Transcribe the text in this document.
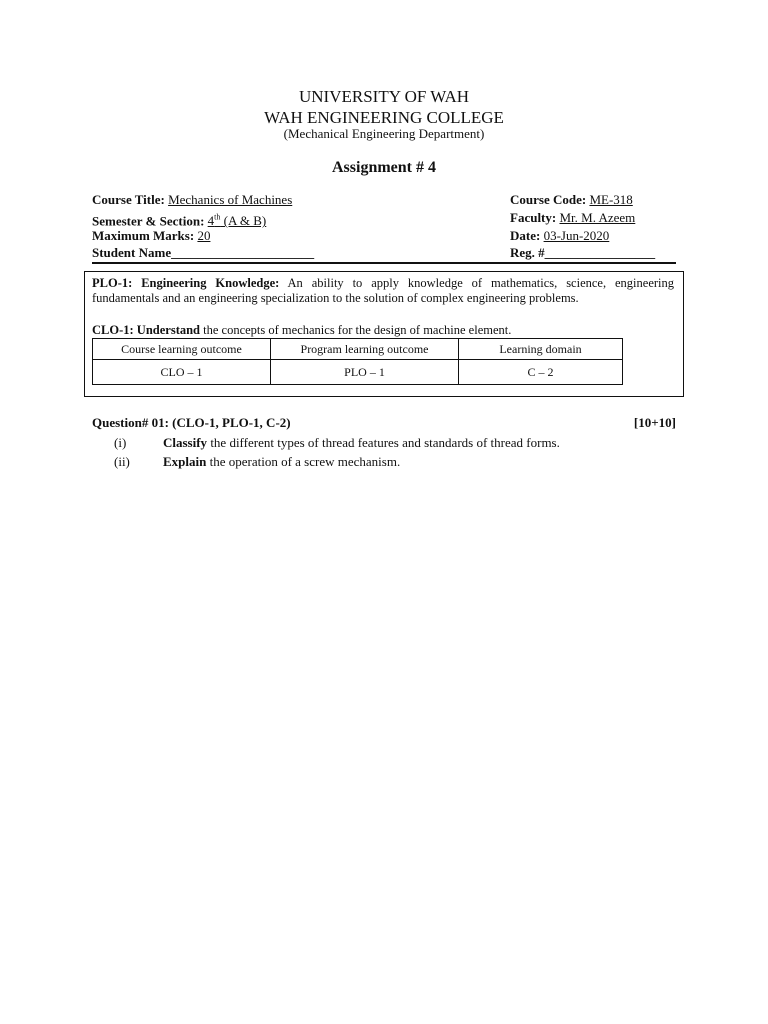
UNIVERSITY OF WAH
WAH ENGINEERING COLLEGE
(Mechanical Engineering Department)
Assignment # 4
Course Title: Mechanics of Machines
Semester & Section: 4th (A & B)
Maximum Marks: 20
Student Name______________________
Course Code: ME-318
Faculty: Mr. M. Azeem
Date: 03-Jun-2020
Reg. #_________________
PLO-1: Engineering Knowledge: An ability to apply knowledge of mathematics, science, engineering fundamentals and an engineering specialization to the solution of complex engineering problems.
CLO-1: Understand the concepts of mechanics for the design of machine element.
Course learning outcome	Program learning outcome	Learning domain
CLO – 1	PLO – 1	C – 2
Question# 01: (CLO-1, PLO-1, C-2)	[10+10]
(i)	Classify the different types of thread features and standards of thread forms.
(ii)	Explain the operation of a screw mechanism.
